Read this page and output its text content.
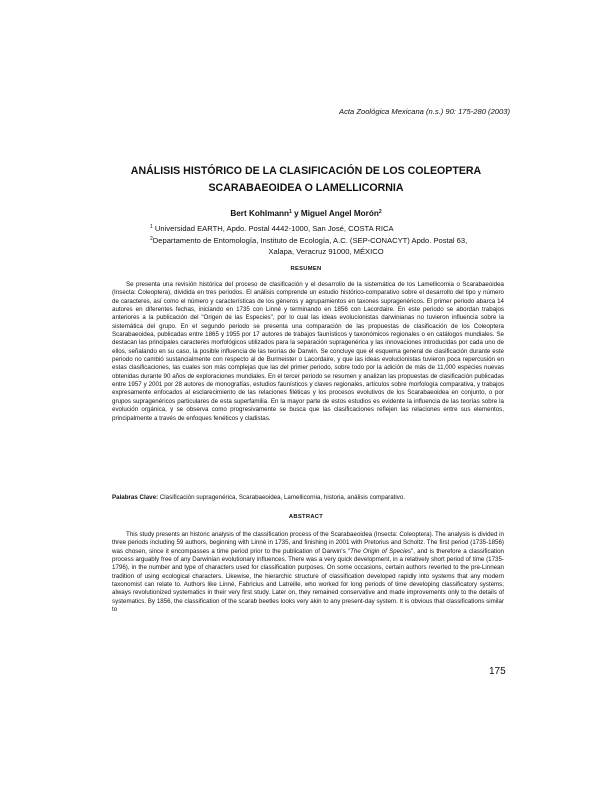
Acta Zoológica Mexicana (n.s.) 90: 175-280 (2003)
ANÁLISIS HISTÓRICO DE LA CLASIFICACIÓN DE LOS COLEOPTERA
SCARABAEOIDEA O LAMELLICORNIA
Bert Kohlmann$^1$ y Miguel Angel Morón$^2$
$^1$ Universidad EARTH, Apdo. Postal 4442-1000, San José, COSTA RICA
$^2$Departamento de Entomología, Instituto de Ecología, A.C. (SEP-CONACYT) Apdo. Postal 63,
Xalapa, Veracruz 91000, MÉXICO
RESUMEN

Se presenta una revisión histórica del proceso de clasificación y el desarrollo de la sistemática de los Lamellicornia o Scarabaeoidea (Insecta: Coleoptera), dividida en tres periodos. El análisis comprende un estudio histórico-comparativo sobre el desarrollo del tipo y número de caracteres, así como el número y características de los géneros y agrupamientos en taxones supragenéricos. El primer periodo abarca 14 autores en diferentes fechas, iniciando en 1735 con Linné y terminando en 1856 con Lacordaire. En este periodo se abordan trabajos anteriores a la publicación del "Origen de las Especies", por lo cual las ideas evolucionistas darwinianas no tuvieron influencia sobre la sistemática del grupo. En el segundo periodo se presenta una comparación de las propuestas de clasificación de los Coleoptera Scarabaeoidea, publicadas entre 1865 y 1955 por 17 autores de trabajos faunísticos y taxonómicos regionales o en catálogos mundiales. Se destacan las principales caracteres morfológicos utilizados para la separación supragenérica y las innovaciones introducidas por cada uno de ellos, señalando en su caso, la posible influencia de las teorías de Darwin. Se concluye que el esquema general de clasificación durante este periodo no cambió sustancialmente con respecto al de Burmeister o Lacordaire, y que las ideas evolucionistas tuvieron poca repercusión en estas clasificaciones, las cuales son más complejas que las del primer periodo, sobre todo por la adición de más de 11,000 especies nuevas obtenidas durante 90 años de exploraciones mundiales. En el tercer periodo se resumen y analizan las propuestas de clasificación publicadas entre 1957 y 2001 por 28 autores de monografías, estudios faunísticos y claves regionales, artículos sobre morfología comparativa, y trabajos expresamente enfocados al esclarecimiento de las relaciones filéticas y los procesos evolutivos de los Scarabaeoidea en conjunto, o por grupos supragenéricos particulares de esta superfamilia. En la mayor parte de estos estudios es evidente la influencia de las teorías sobre la evolución orgánica, y se observa como progresivamente se busca que las clasificaciones reflejen las relaciones entre sus elementos, principalmente a través de enfoques fenéticos y cladistas.

Palabras Clave: Clasificación supragenérica, Scarabaeoidea, Lamellicornia, historia, análisis comparativo.
ABSTRACT

This study presents an historic analysis of the classification process of the Scarabaeoidea (Insecta: Coleoptera). The analysis is divided in three periods including 59 authors, beginning with Linné in 1735, and finishing in 2001 with Pretorius and Scholtz. The first period (1735-1856) was chosen, since it encompasses a time period prior to the publication of Darwin's "The Origin of Species", and is therefore a classification process arguably free of any Darwinian evolutionary influences. There was a very quick development, in a relatively short period of time (1735-1796), in the number and type of characters used for classification purposes. On some occasions, certain authors reverted to the pre-Linnean tradition of using ecological characters. Likewise, the hierarchic structure of classification developed rapidly into systems that any modern taxonomist can relate to. Authors like Linné, Fabricius and Latreille, who worked for long periods of time developing classificatory systems, always revolutionized systematics in their very first study. Later on, they remained conservative and made improvements only to the details of systematics. By 1856, the classification of the scarab beetles looks very akin to any present-day system. It is obvious that classifications similar to

175
